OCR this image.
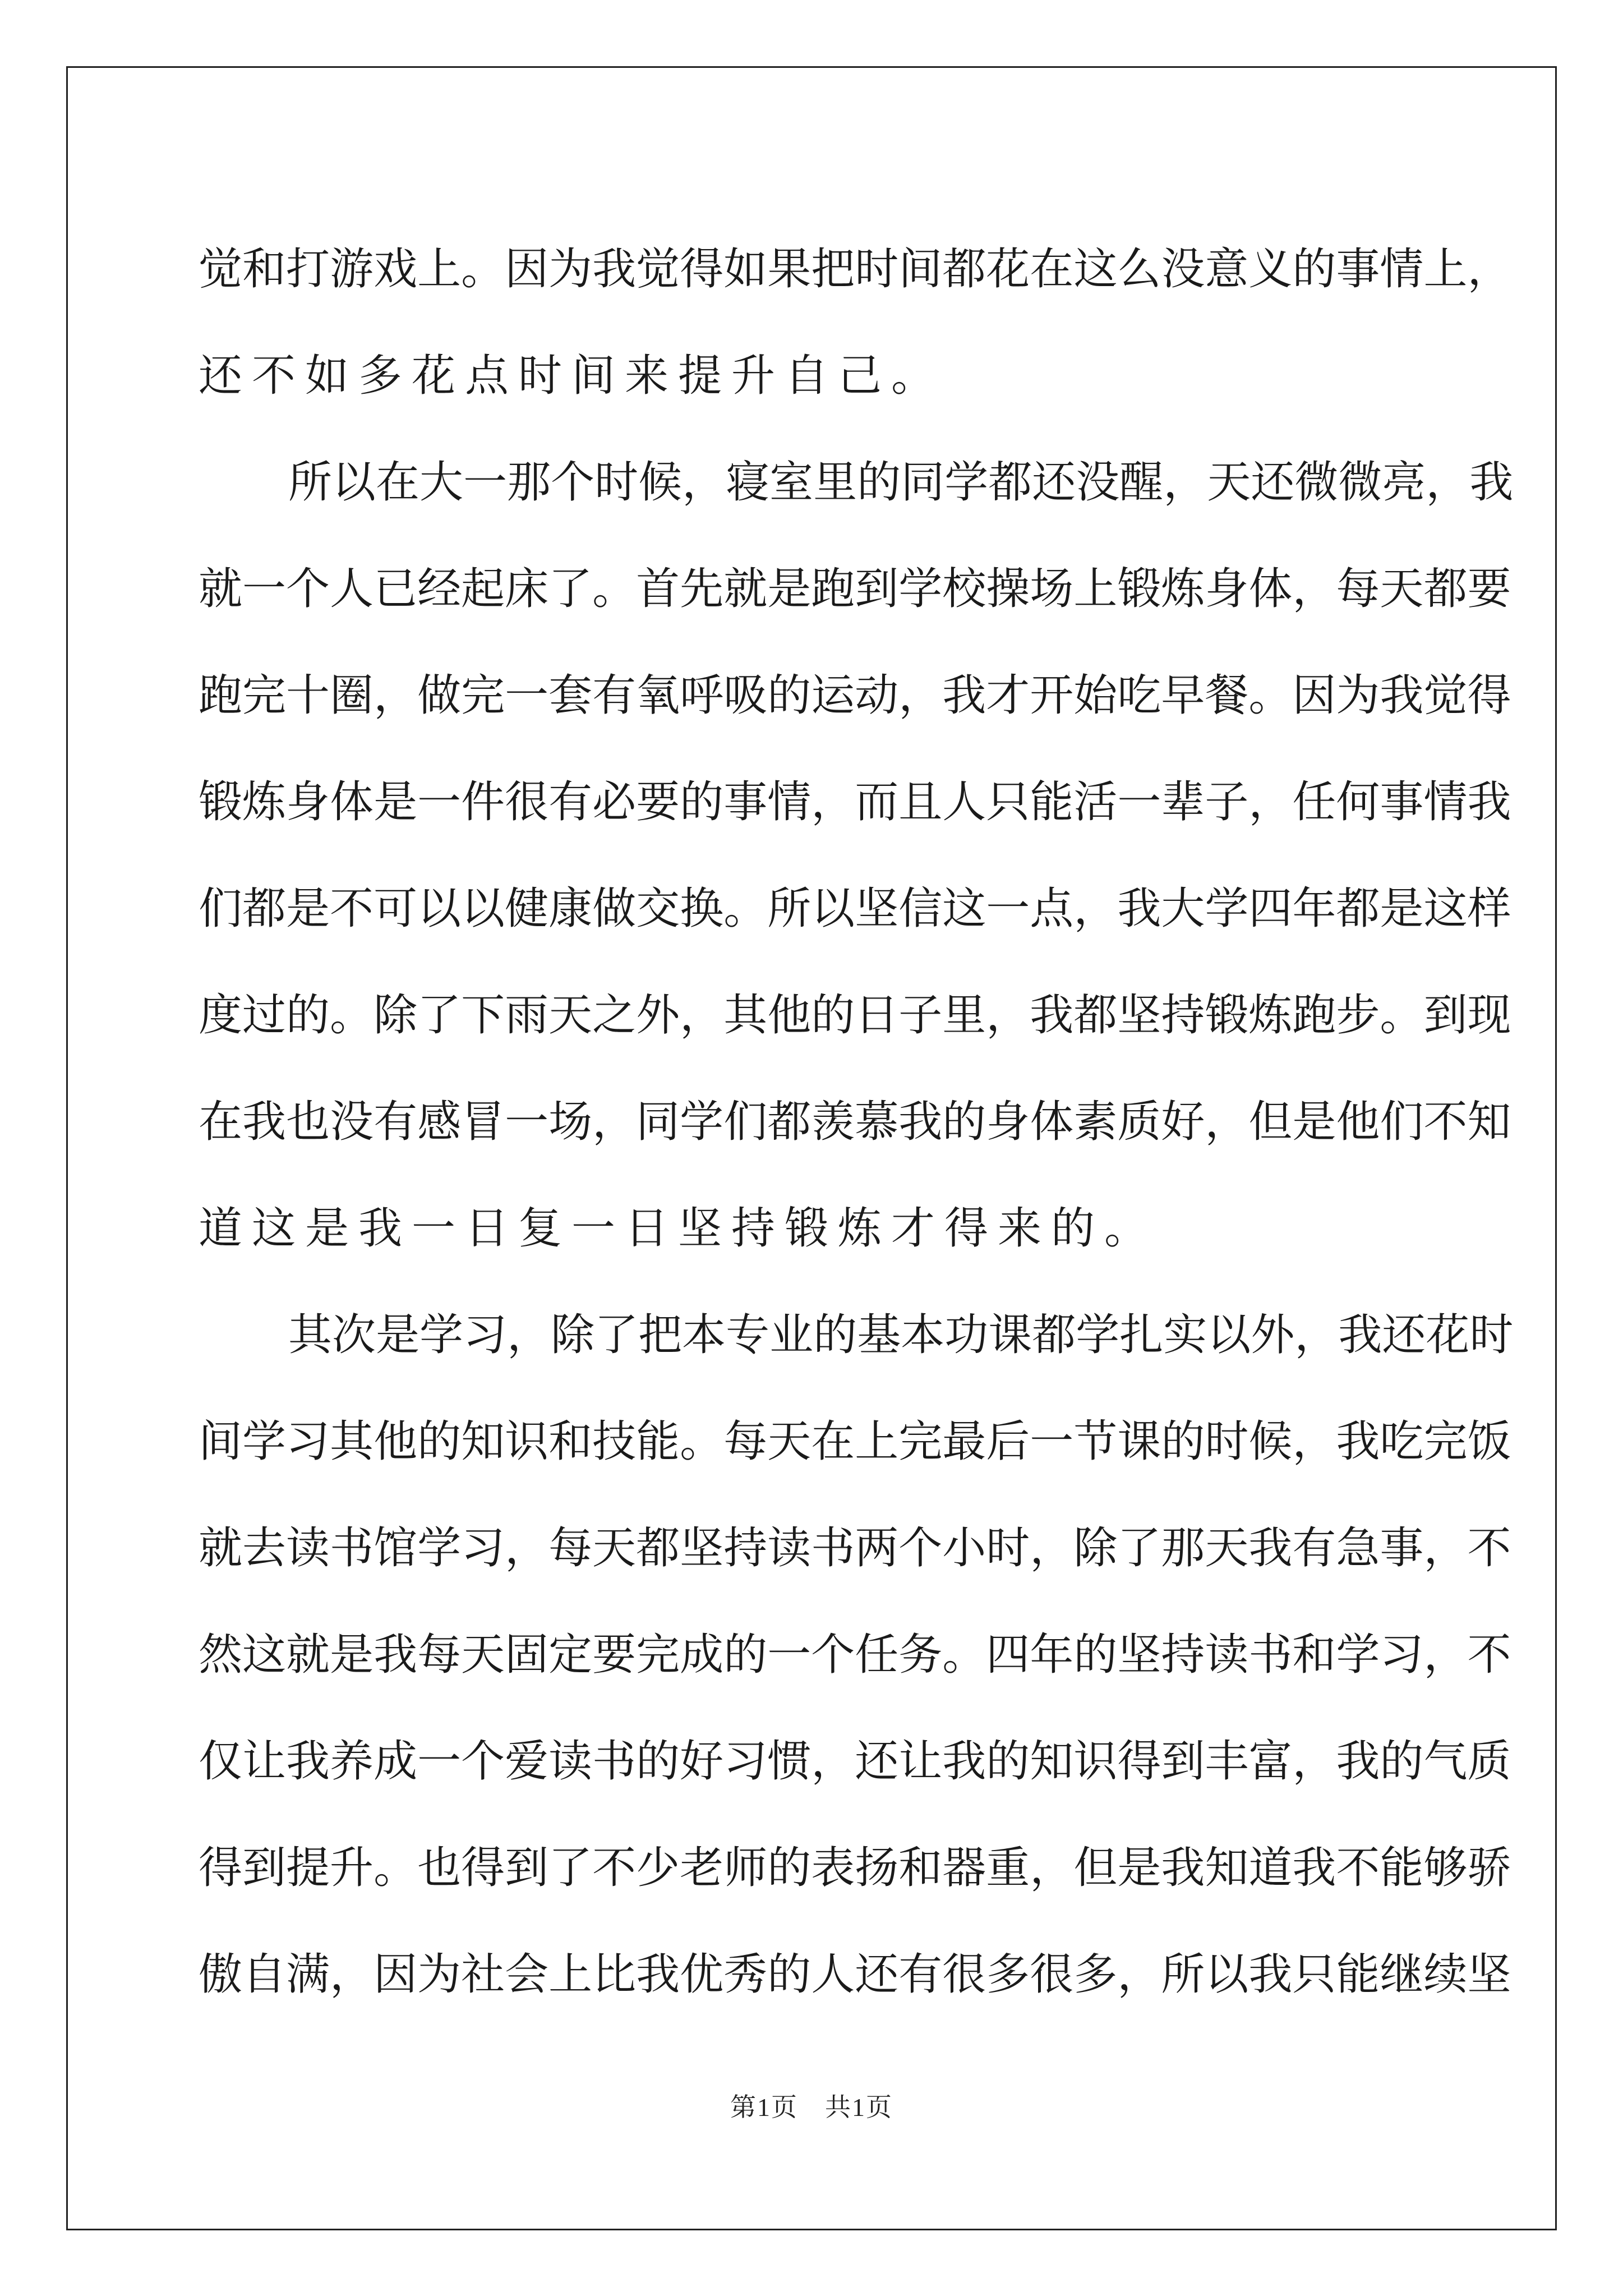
觉 和 打 游 戏 上 。 因 为 我 觉 得 如 果 把 时 间 都 花 在 这 么 没 意 义 的 事 情 上 ，
还不如多花点时间来提升自己。
所 以 在 大 一 那 个 时 候 ， 寝 室 里 的 同 学 都 还 没 醒 ， 天 还 微 微 亮 ， 我
就 一 个 人 已 经 起 床 了 。 首 先 就 是 跑 到 学 校 操 场 上 锻 炼 身 体 ， 每 天 都 要
跑 完 十 圈 ， 做 完 一 套 有 氧 呼 吸 的 运 动 ， 我 才 开 始 吃 早 餐 。 因 为 我 觉 得
锻 炼 身 体 是 一 件 很 有 必 要 的 事 情 ， 而 且 人 只 能 活 一 辈 子 ， 任 何 事 情 我
们 都 是 不 可 以 以 健 康 做 交 换 。 所 以 坚 信 这 一 点 ， 我 大 学 四 年 都 是 这 样
度 过 的 。 除 了 下 雨 天 之 外 ， 其 他 的 日 子 里 ， 我 都 坚 持 锻 炼 跑 步 。 到 现
在 我 也 没 有 感 冒 一 场 ， 同 学 们 都 羡 慕 我 的 身 体 素 质 好 ， 但 是 他 们 不 知
道这是我一日复一日坚持锻炼才得来的。
其 次 是 学 习 ， 除 了 把 本 专 业 的 基 本 功 课 都 学 扎 实 以 外 ， 我 还 花 时
间 学 习 其 他 的 知 识 和 技 能 。 每 天 在 上 完 最 后 一 节 课 的 时 候 ， 我 吃 完 饭
就 去 读 书 馆 学 习 ， 每 天 都 坚 持 读 书 两 个 小 时 ， 除 了 那 天 我 有 急 事 ， 不
然 这 就 是 我 每 天 固 定 要 完 成 的 一 个 任 务 。 四 年 的 坚 持 读 书 和 学 习 ， 不
仅 让 我 养 成 一 个 爱 读 书 的 好 习 惯 ， 还 让 我 的 知 识 得 到 丰 富 ， 我 的 气 质
得 到 提 升 。 也 得 到 了 不 少 老 师 的 表 扬 和 器 重 ， 但 是 我 知 道 我 不 能 够 骄
傲 自 满 ， 因 为 社 会 上 比 我 优 秀 的 人 还 有 很 多 很 多 ， 所 以 我 只 能 继 续 坚
第1页　共1页
